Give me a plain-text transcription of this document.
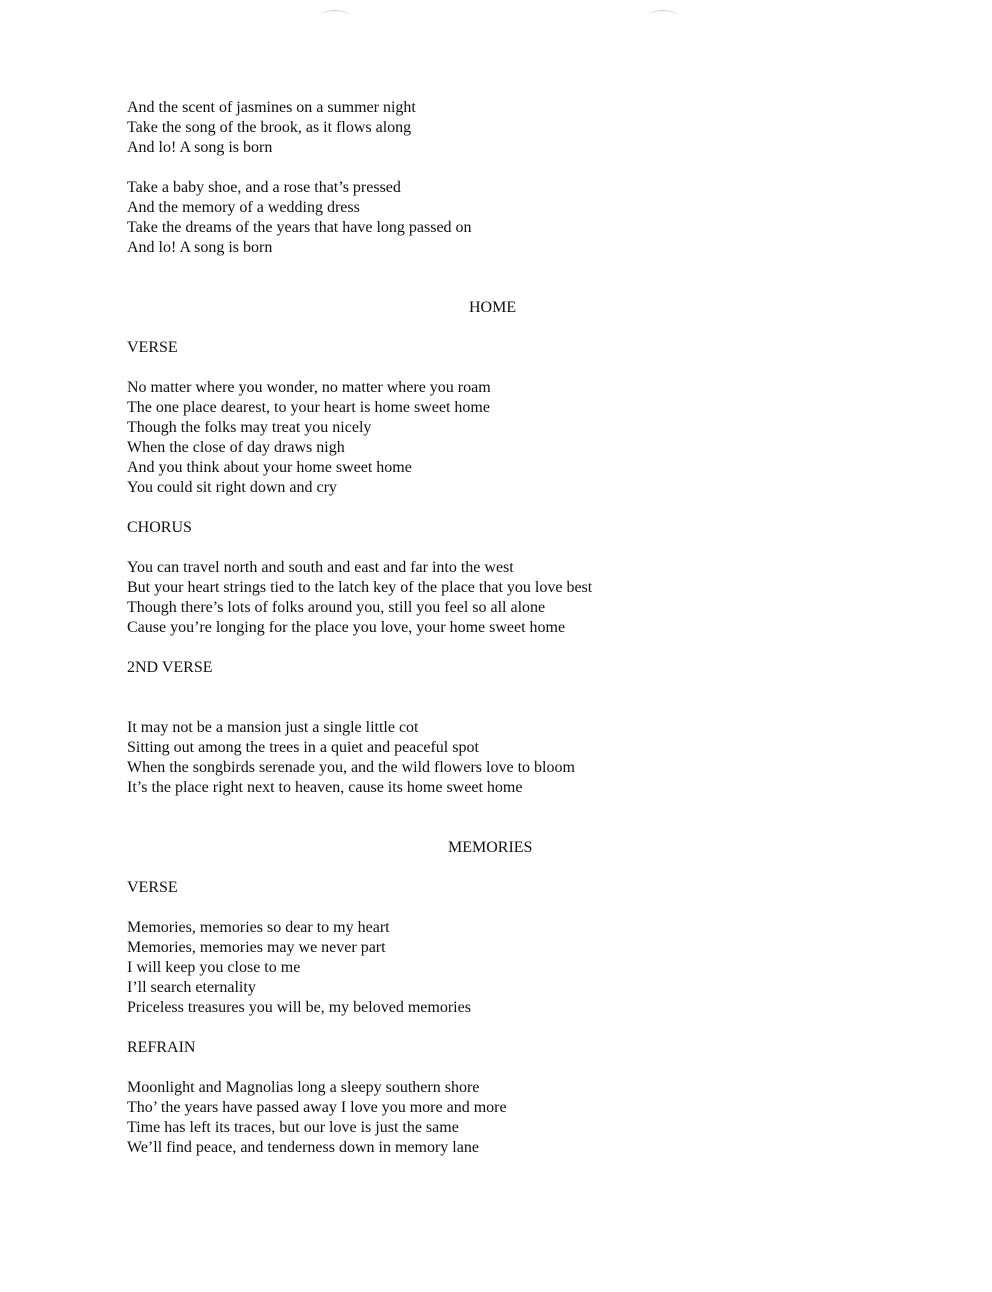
And the scent of jasmines on a summer night
Take the song of the brook, as it flows along
And lo! A song is born
Take a baby shoe, and a rose that’s pressed
And the memory of a wedding dress
Take the dreams of the years that have long passed on
And lo! A song is born
HOME
VERSE
No matter where you wonder, no matter where you roam
The one place dearest, to your heart is home sweet home
Though the folks may treat you nicely
When the close of day draws nigh
And you think about your home sweet home
You could sit right down and cry
CHORUS
You can travel north and south and east and far into the west
But your heart strings tied to the latch key of the place that you love best
Though there’s lots of folks around you, still you feel so all alone
Cause you’re longing for the place you love, your home sweet home
2ND VERSE
It may not be a mansion just a single little cot
Sitting out among the trees in a quiet and peaceful spot
When the songbirds serenade you, and the wild flowers love to bloom
It’s the place right next to heaven, cause its home sweet home
MEMORIES
VERSE
Memories, memories so dear to my heart
Memories, memories may we never part
I will keep you close to me
I’ll search eternality
Priceless treasures you will be, my beloved memories
REFRAIN
Moonlight and Magnolias long a sleepy southern shore
Tho’ the years have passed away I love you more and more
Time has left its traces, but our love is just the same
We’ll find peace, and tenderness down in memory lane
